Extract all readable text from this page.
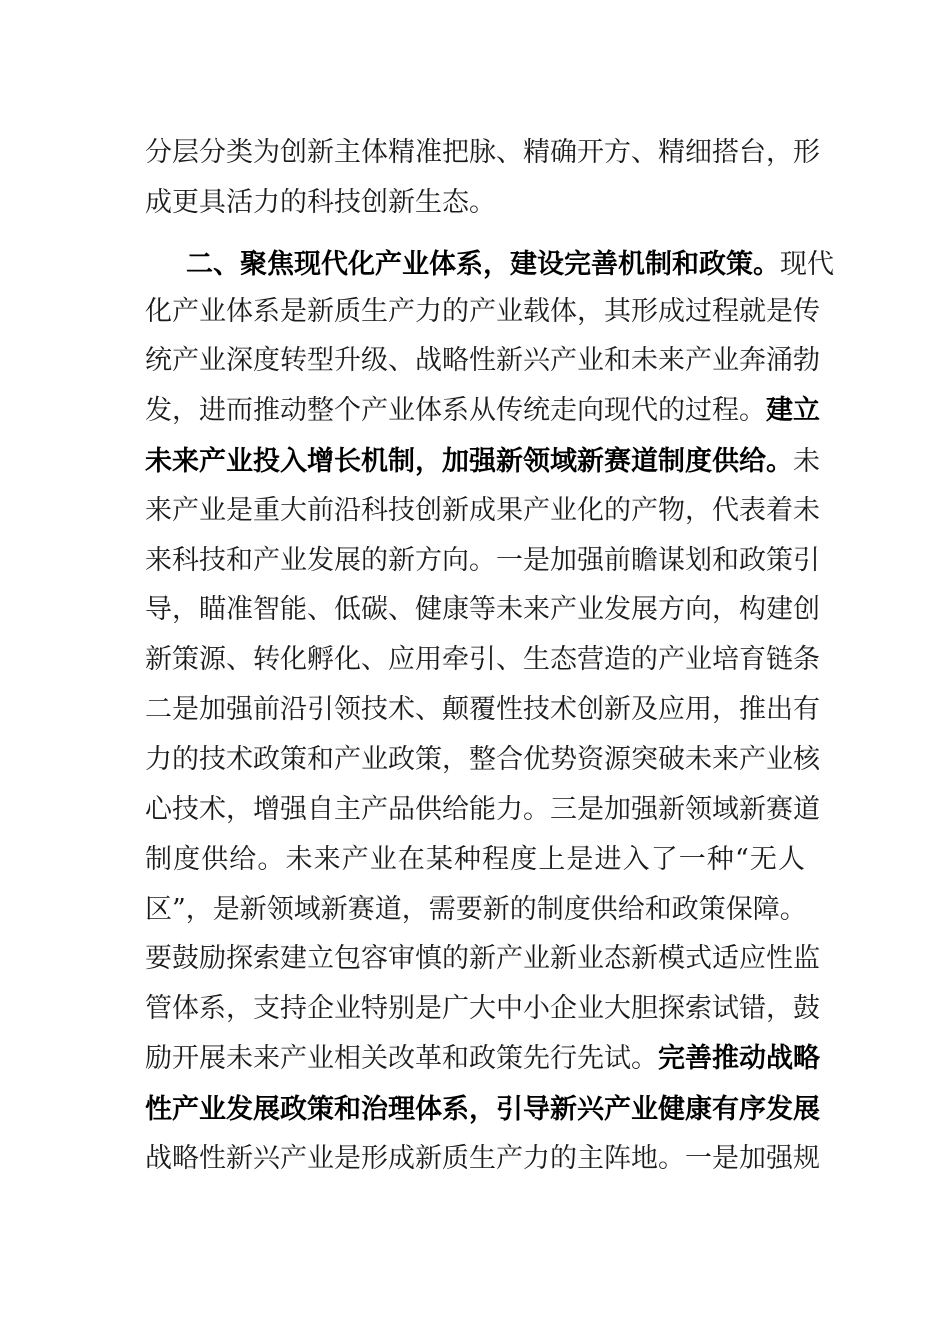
分层分类为创新主体精准把脉、精确开方、精细搭台，形
成更具活力的科技创新生态。
二、聚焦现代化产业体系，建设完善机制和政策。现代
化产业体系是新质生产力的产业载体，其形成过程就是传
统产业深度转型升级、战略性新兴产业和未来产业奔涌勃
发，进而推动整个产业体系从传统走向现代的过程。建立
未来产业投入增长机制，加强新领域新赛道制度供给。未
来产业是重大前沿科技创新成果产业化的产物，代表着未
来科技和产业发展的新方向。一是加强前瞻谋划和政策引
导，瞄准智能、低碳、健康等未来产业发展方向，构建创
新策源、转化孵化、应用牵引、生态营造的产业培育链条
二是加强前沿引领技术、颠覆性技术创新及应用，推出有
力的技术政策和产业政策，整合优势资源突破未来产业核
心技术，增强自主产品供给能力。三是加强新领域新赛道
制度供给。未来产业在某种程度上是进入了一种“无人
区”，是新领域新赛道，需要新的制度供给和政策保障。
要鼓励探索建立包容审慎的新产业新业态新模式适应性监
管体系，支持企业特别是广大中小企业大胆探索试错，鼓
励开展未来产业相关改革和政策先行先试。完善推动战略
性产业发展政策和治理体系，引导新兴产业健康有序发展
战略性新兴产业是形成新质生产力的主阵地。一是加强规
